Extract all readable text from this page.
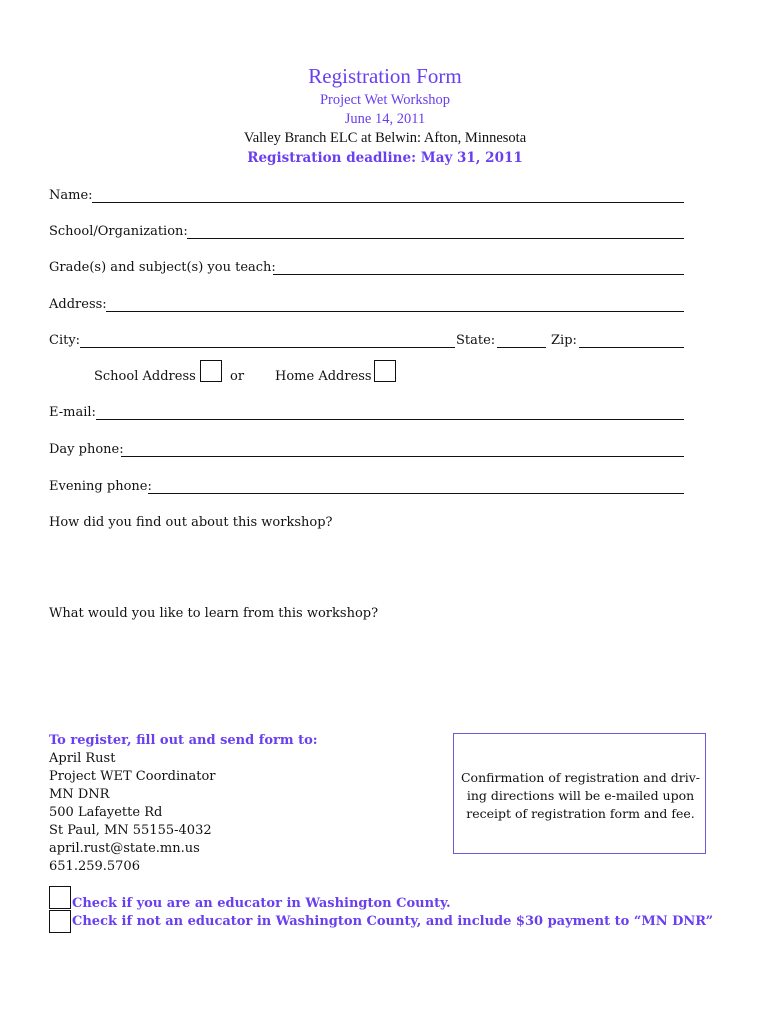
Registration Form
Project Wet Workshop
June 14, 2011
Valley Branch ELC at Belwin: Afton, Minnesota
Registration deadline: May 31, 2011
Name:
School/Organization:
Grade(s) and subject(s) you teach:
Address:
City:	State:	Zip:
School Address	or Home Address
E-mail:
Day phone:
Evening phone:
How did you find out about this workshop?
What would you like to learn from this workshop?
To register, fill out and send form to:
April Rust
Project WET Coordinator
MN DNR
500 Lafayette Rd
St Paul, MN 55155-4032
april.rust@state.mn.us
651.259.5706
Confirmation of registration and driv-
ing directions will be e-mailed upon
receipt of registration form and fee.
Check if you are an educator in Washington County.
Check if not an educator in Washington County, and include $30 payment to “MN DNR”
